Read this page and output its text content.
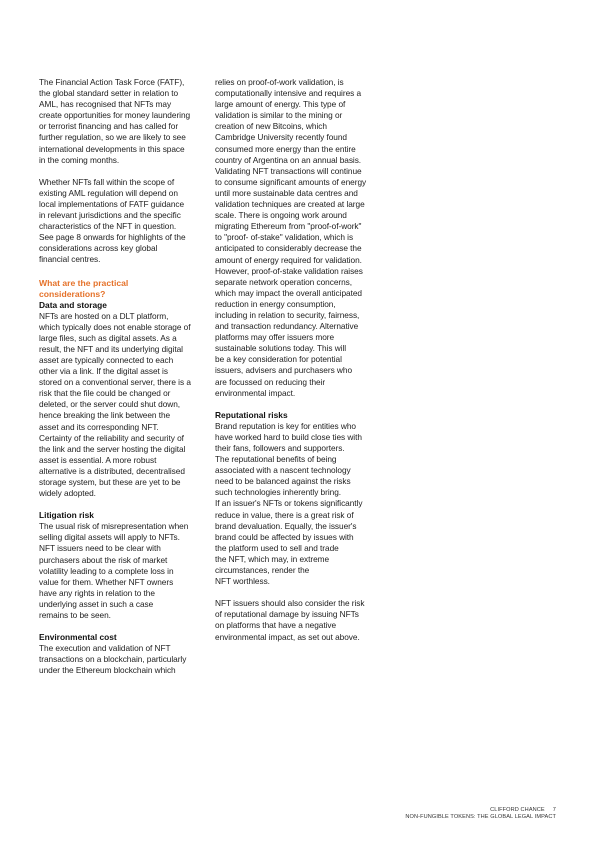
The Financial Action Task Force (FATF),
the global standard setter in relation to
AML, has recognised that NFTs may
create opportunities for money laundering
or terrorist financing and has called for
further regulation, so we are likely to see
international developments in this space
in the coming months.

Whether NFTs fall within the scope of
existing AML regulation will depend on
local implementations of FATF guidance
in relevant jurisdictions and the specific
characteristics of the NFT in question.
See page 8 onwards for highlights of the
considerations across key global
financial centres.

What are the practical
considerations?
Data and storage

NFTs are hosted on a DLT platform,
which typically does not enable storage of
large files, such as digital assets. As a
result, the NFT and its underlying digital
asset are typically connected to each
other via a link. If the digital asset is
stored on a conventional server, there is a
risk that the file could be changed or
deleted, or the server could shut down,
hence breaking the link between the
asset and its corresponding NFT.
Certainty of the reliability and security of
the link and the server hosting the digital
asset is essential. A more robust
alternative is a distributed, decentralised
storage system, but these are yet to be
widely adopted.

Litigation risk

The usual risk of misrepresentation when
selling digital assets will apply to NFTs.
NFT issuers need to be clear with
purchasers about the risk of market
volatility leading to a complete loss in
value for them. Whether NFT owners
have any rights in relation to the
underlying asset in such a case
remains to be seen.

Environmental cost

The execution and validation of NFT
transactions on a blockchain, particularly
under the Ethereum blockchain which

relies on proof-of-work validation, is
computationally intensive and requires a
large amount of energy. This type of
validation is similar to the mining or
creation of new Bitcoins, which
Cambridge University recently found
consumed more energy than the entire
country of Argentina on an annual basis.
Validating NFT transactions will continue
to consume significant amounts of energy
until more sustainable data centres and
validation techniques are created at large
scale. There is ongoing work around
migrating Ethereum from "proof-of-work"
to "proof- of-stake" validation, which is
anticipated to considerably decrease the
amount of energy required for validation.
However, proof-of-stake validation raises
separate network operation concerns,
which may impact the overall anticipated
reduction in energy consumption,
including in relation to security, fairness,
and transaction redundancy. Alternative
platforms may offer issuers more
sustainable solutions today. This will
be a key consideration for potential
issuers, advisers and purchasers who
are focussed on reducing their
environmental impact.

Reputational risks

Brand reputation is key for entities who
have worked hard to build close ties with
their fans, followers and supporters.
The reputational benefits of being
associated with a nascent technology
need to be balanced against the risks
such technologies inherently bring.
If an issuer's NFTs or tokens significantly
reduce in value, there is a great risk of
brand devaluation. Equally, the issuer's
brand could be affected by issues with
the platform used to sell and trade
the NFT, which may, in extreme
circumstances, render the
NFT worthless.

NFT issuers should also consider the risk
of reputational damage by issuing NFTs
on platforms that have a negative
environmental impact, as set out above.

CLIFFORD CHANCE 7
NON-FUNGIBLE TOKENS: THE GLOBAL LEGAL IMPACT
